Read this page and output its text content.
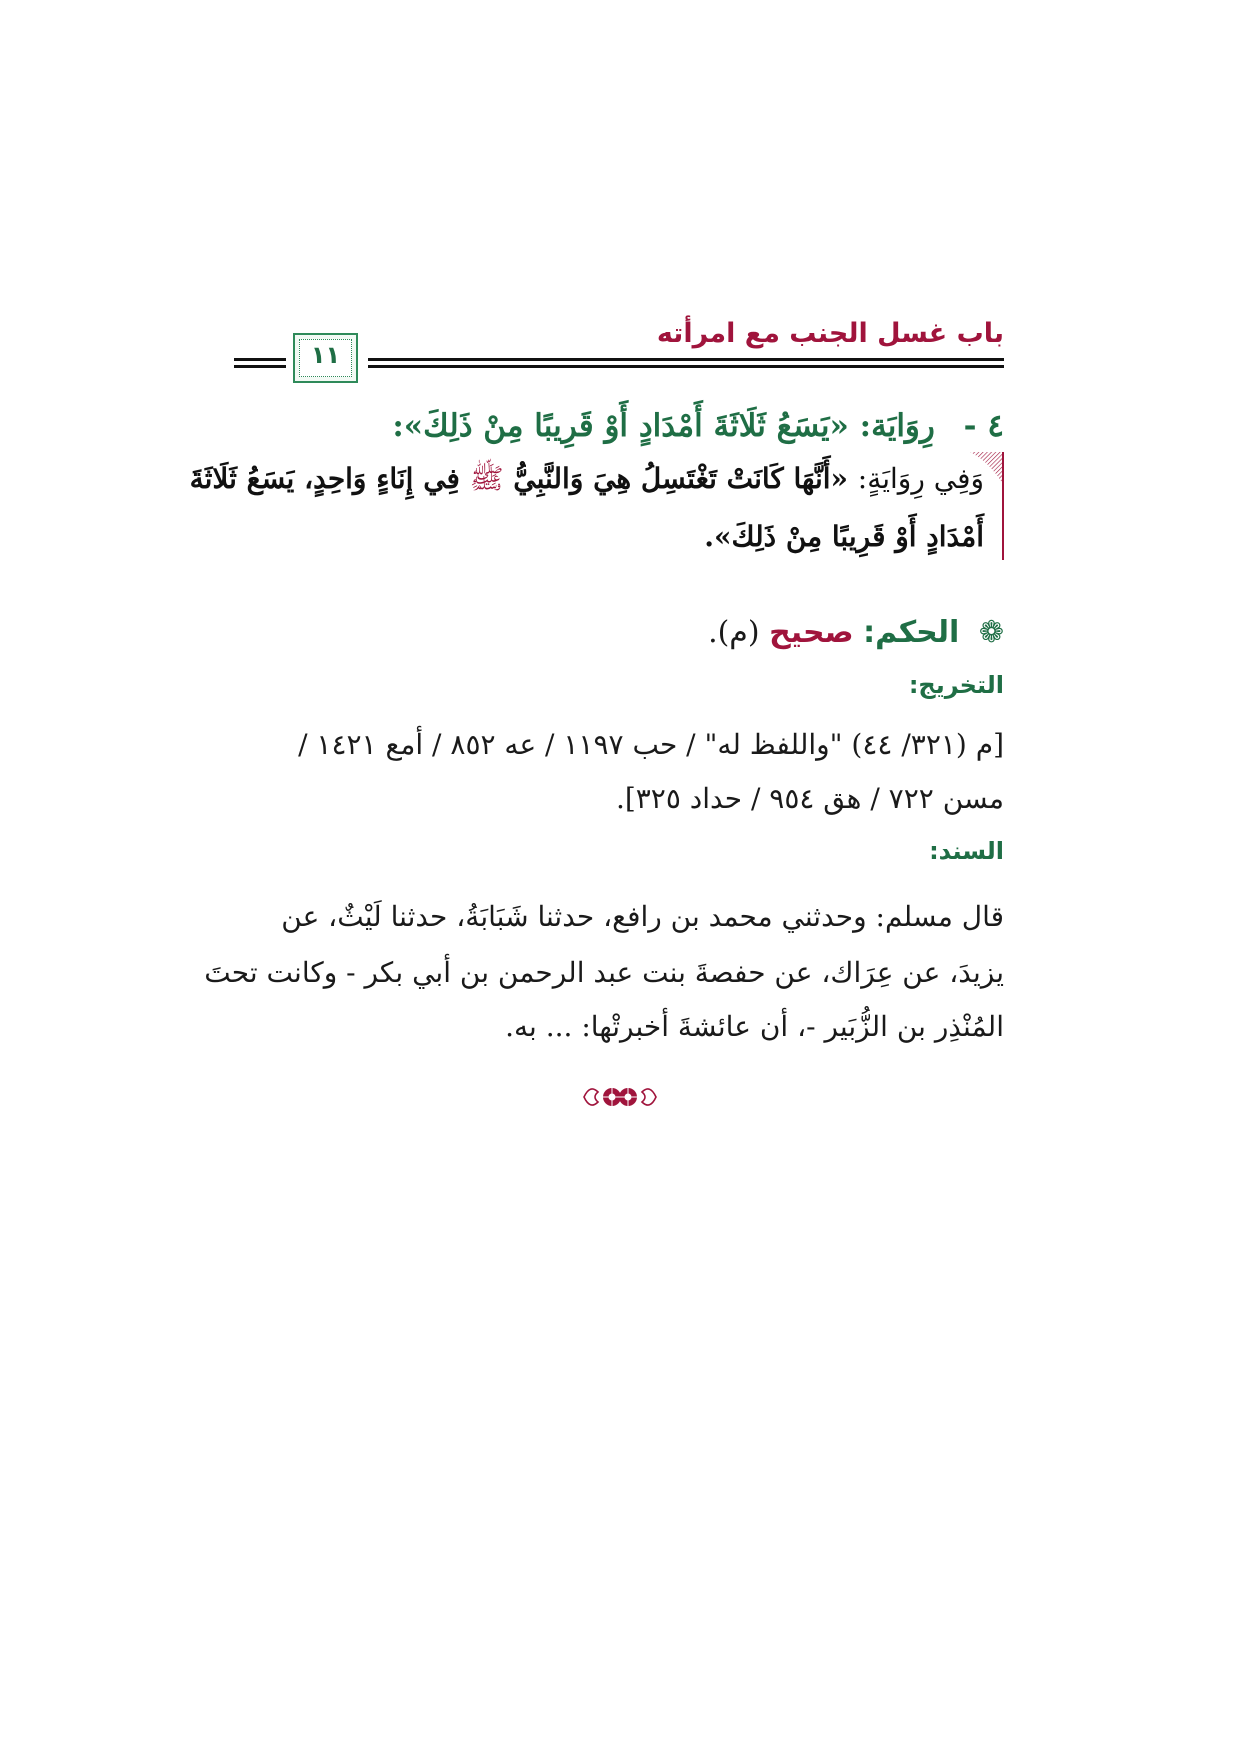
باب غسل الجنب مع امرأته
١١
٤ - رِوَايَة: «يَسَعُ ثَلَاثَةَ أَمْدَادٍ أَوْ قَرِيبًا مِنْ ذَلِكَ»:
وَفِي رِوَايَةٍ: «أَنَّهَا كَانَتْ تَغْتَسِلُ هِيَ وَالنَّبِيُّ ﷺ فِي إِنَاءٍ وَاحِدٍ، يَسَعُ ثَلَاثَةَ
أَمْدَادٍ أَوْ قَرِيبًا مِنْ ذَلِكَ».
❁ الحكم: صحيح (م).
التخريج:
[م (٣٢١/ ٤٤) "واللفظ له" / حب ١١٩٧ / عه ٨٥٢ / أمع ١٤٢١ /
مسن ٧٢٢ / هق ٩٥٤ / حداد ٣٢٥].
السند:
قال مسلم: وحدثني محمد بن رافع، حدثنا شَبَابَةُ، حدثنا لَيْثٌ، عن
يزيدَ، عن عِرَاك، عن حفصةَ بنت عبد الرحمن بن أبي بكر - وكانت تحتَ
المُنْذِر بن الزُّبَير -، أن عائشةَ أخبرتْها: ... به.
